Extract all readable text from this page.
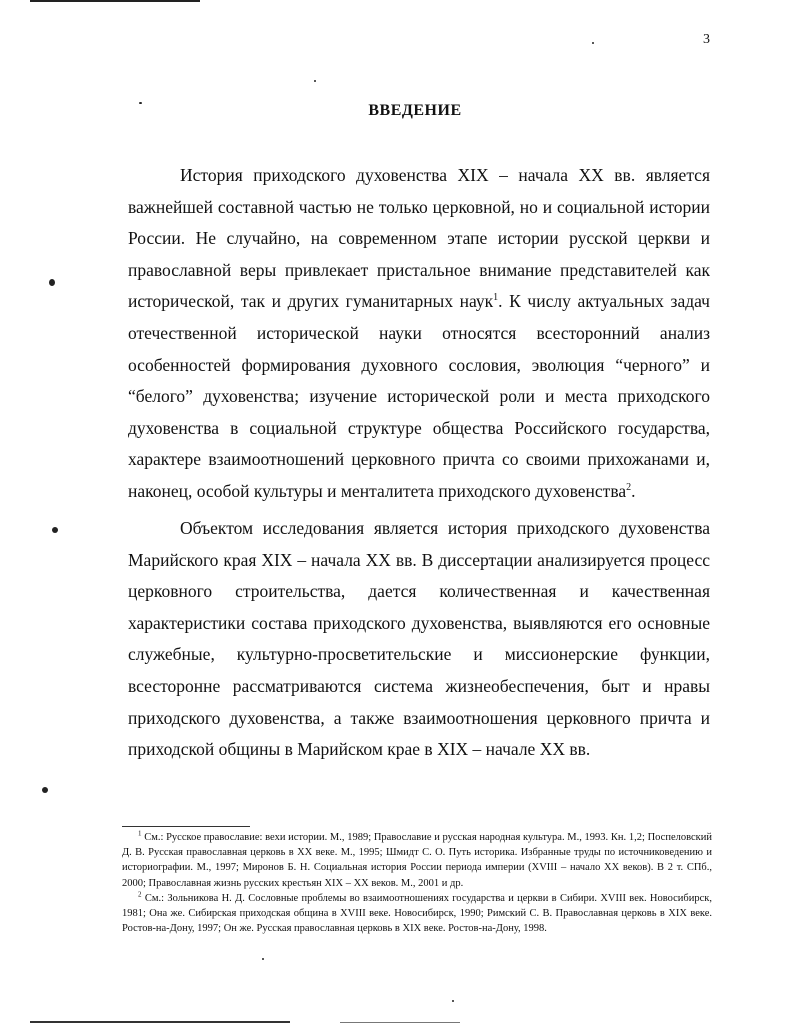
3
ВВЕДЕНИЕ
История приходского духовенства XIX – начала XX вв. является важнейшей составной частью не только церковной, но и социальной истории России. Не случайно, на современном этапе истории русской церкви и православной веры привлекает пристальное внимание представителей как исторической, так и других гуманитарных наук$^1$. К числу актуальных задач отечественной исторической науки относятся всесторонний анализ особенностей формирования духовного сословия, эволюция “черного” и “белого” духовенства; изучение исторической роли и места приходского духовенства в социальной структуре общества Российского государства, характере взаимоотношений церковного причта со своими прихожанами и, наконец, особой культуры и менталитета приходского духовенства$^2$.
Объектом исследования является история приходского духовенства Марийского края XIX – начала XX вв. В диссертации анализируется процесс церковного строительства, дается количественная и качественная характеристики состава приходского духовенства, выявляются его основные служебные, культурно-просветительские и миссионерские функции, всесторонне рассматриваются система жизнеобеспечения, быт и нравы приходского духовенства, а также взаимоотношения церковного причта и приходской общины в Марийском крае в XIX – начале XX вв.

$^1$ См.: Русское православие: вехи истории. М., 1989; Православие и русская народная культура. М., 1993. Кн. 1,2; Поспеловский Д. В. Русская православная церковь в XX веке. М., 1995; Шмидт С. О. Путь историка. Избранные труды по источниковедению и историографии. М., 1997; Миронов Б. Н. Социальная история России периода империи (XVIII – начало XX веков). В 2 т. СПб., 2000; Православная жизнь русских крестьян XIX – XX веков. М., 2001 и др.

$^2$ См.: Зольникова Н. Д. Сословные проблемы во взаимоотношениях государства и церкви в Сибири. XVIII век. Новосибирск, 1981; Она же. Сибирская приходская община в XVIII веке. Новосибирск, 1990; Римский С. В. Православная церковь в XIX веке. Ростов-на-Дону, 1997; Он же. Русская православная церковь в XIX веке. Ростов-на-Дону, 1998.
